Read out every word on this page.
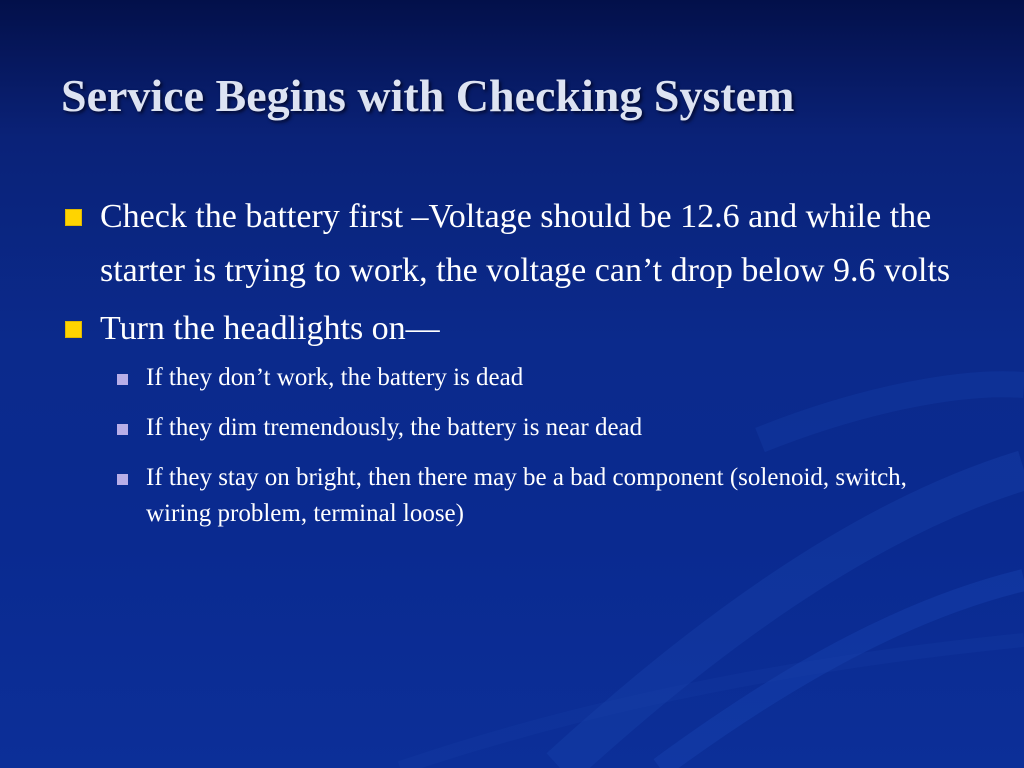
Service Begins with Checking System
Check the battery first –Voltage should be 12.6 and while the starter is trying to work, the voltage can’t drop below 9.6 volts
Turn the headlights on—
If they don’t work, the battery is dead
If they dim tremendously, the battery is near dead
If they stay on bright, then there may be a bad component (solenoid, switch, wiring problem, terminal loose)
